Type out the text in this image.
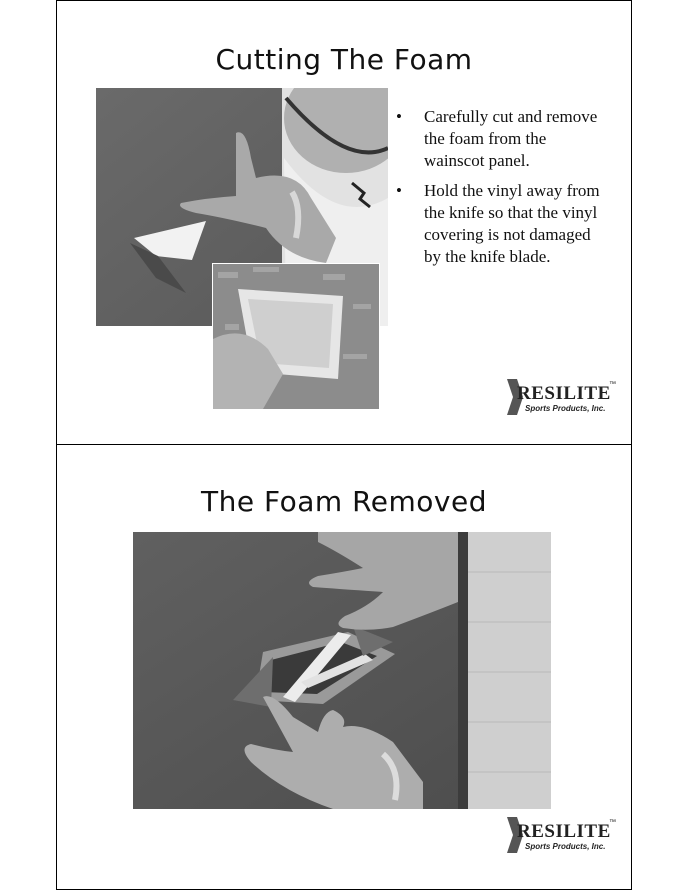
Cutting The Foam
• Carefully cut and remove the foam from the wainscot panel.
• Hold the vinyl away from the knife so that the vinyl covering is not damaged by the knife blade.
RESILITE
™
Sports Products, Inc.
The Foam Removed
RESILITE
™
Sports Products, Inc.
